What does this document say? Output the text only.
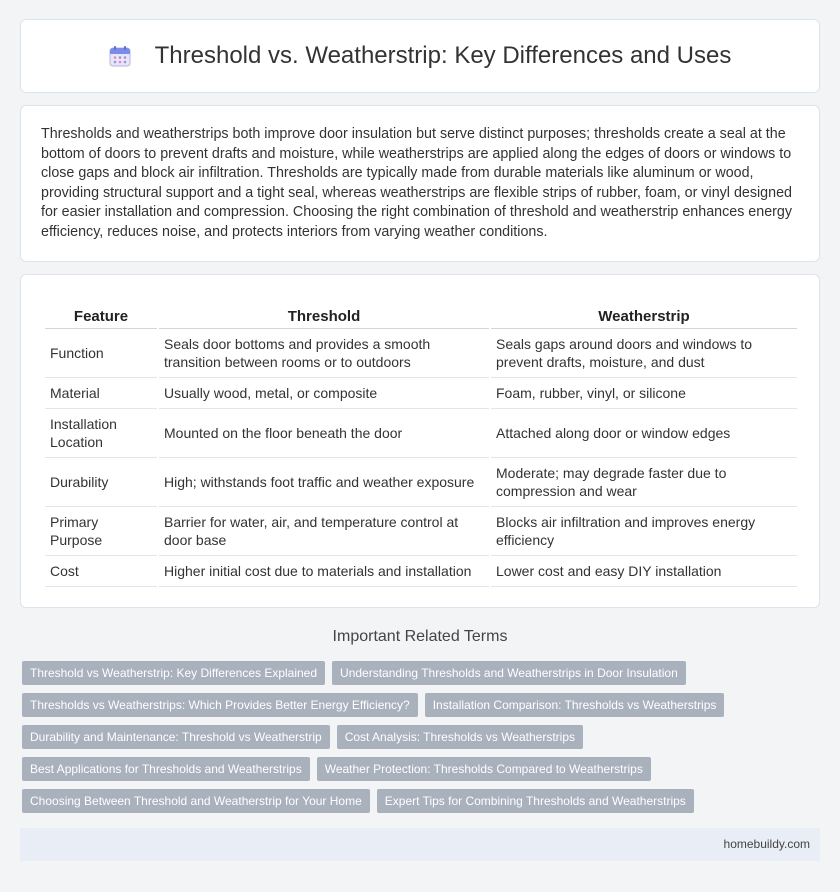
Threshold vs. Weatherstrip: Key Differences and Uses

Thresholds and weatherstrips both improve door insulation but serve distinct purposes; thresholds create a seal at the bottom of doors to prevent drafts and moisture, while weatherstrips are applied along the edges of doors or windows to close gaps and block air infiltration. Thresholds are typically made from durable materials like aluminum or wood, providing structural support and a tight seal, whereas weatherstrips are flexible strips of rubber, foam, or vinyl designed for easier installation and compression. Choosing the right combination of threshold and weatherstrip enhances energy efficiency, reduces noise, and protects interiors from varying weather conditions.

Feature	Threshold	Weatherstrip
Function	Seals door bottoms and provides a smooth transition between rooms or to outdoors	Seals gaps around doors and windows to prevent drafts, moisture, and dust
Material	Usually wood, metal, or composite	Foam, rubber, vinyl, or silicone
Installation Location	Mounted on the floor beneath the door	Attached along door or window edges
Durability	High; withstands foot traffic and weather exposure	Moderate; may degrade faster due to compression and wear
Primary Purpose	Barrier for water, air, and temperature control at door base	Blocks air infiltration and improves energy efficiency
Cost	Higher initial cost due to materials and installation	Lower cost and easy DIY installation
Important Related Terms
Threshold vs Weatherstrip: Key Differences Explained	Understanding Thresholds and Weatherstrips in Door Insulation
Thresholds vs Weatherstrips: Which Provides Better Energy Efficiency?	Installation Comparison: Thresholds vs Weatherstrips
Durability and Maintenance: Threshold vs Weatherstrip	Cost Analysis: Thresholds vs Weatherstrips
Best Applications for Thresholds and Weatherstrips	Weather Protection: Thresholds Compared to Weatherstrips
Choosing Between Threshold and Weatherstrip for Your Home	Expert Tips for Combining Thresholds and Weatherstrips
homebuildy.com
